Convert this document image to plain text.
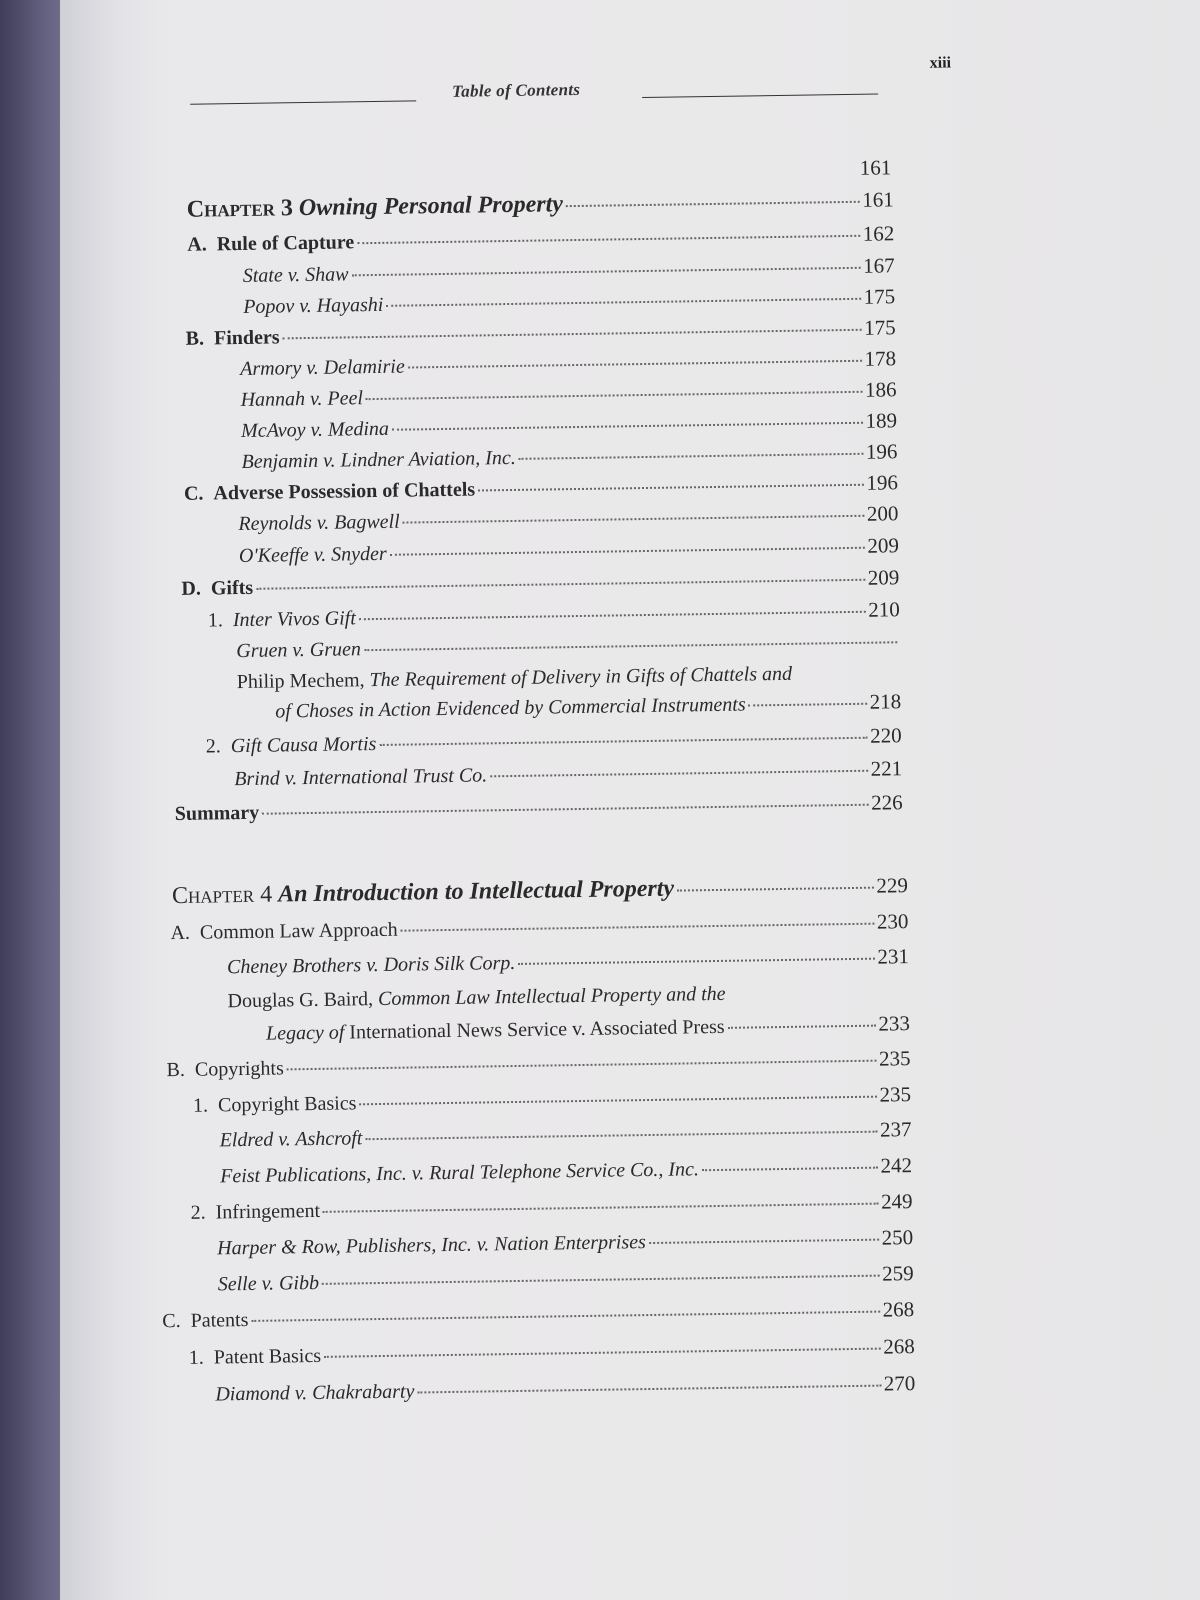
Table of Contents
xiii
161
Chapter 3 Owning Personal Property	161
A. Rule of Capture	162
State v. Shaw	167
Popov v. Hayashi	175
B. Finders	175
Armory v. Delamirie	178
Hannah v. Peel	186
McAvoy v. Medina	189
Benjamin v. Lindner Aviation, Inc.	196
C. Adverse Possession of Chattels	196
Reynolds v. Bagwell	200
O'Keeffe v. Snyder	209
D. Gifts	209
1. Inter Vivos Gift	210
Gruen v. Gruen
Philip Mechem, The Requirement of Delivery in Gifts of Chattels and
of Choses in Action Evidenced by Commercial Instruments	218
2. Gift Causa Mortis	220
Brind v. International Trust Co.	221
Summary	226
Chapter 4 An Introduction to Intellectual Property	229
A. Common Law Approach	230
Cheney Brothers v. Doris Silk Corp.	231
Douglas G. Baird, Common Law Intellectual Property and the
Legacy of International News Service v. Associated Press	233
B. Copyrights	235
1. Copyright Basics	235
Eldred v. Ashcroft	237
Feist Publications, Inc. v. Rural Telephone Service Co., Inc.	242
2. Infringement	249
Harper & Row, Publishers, Inc. v. Nation Enterprises	250
Selle v. Gibb	259
C. Patents	268
1. Patent Basics	268
Diamond v. Chakrabarty	270
